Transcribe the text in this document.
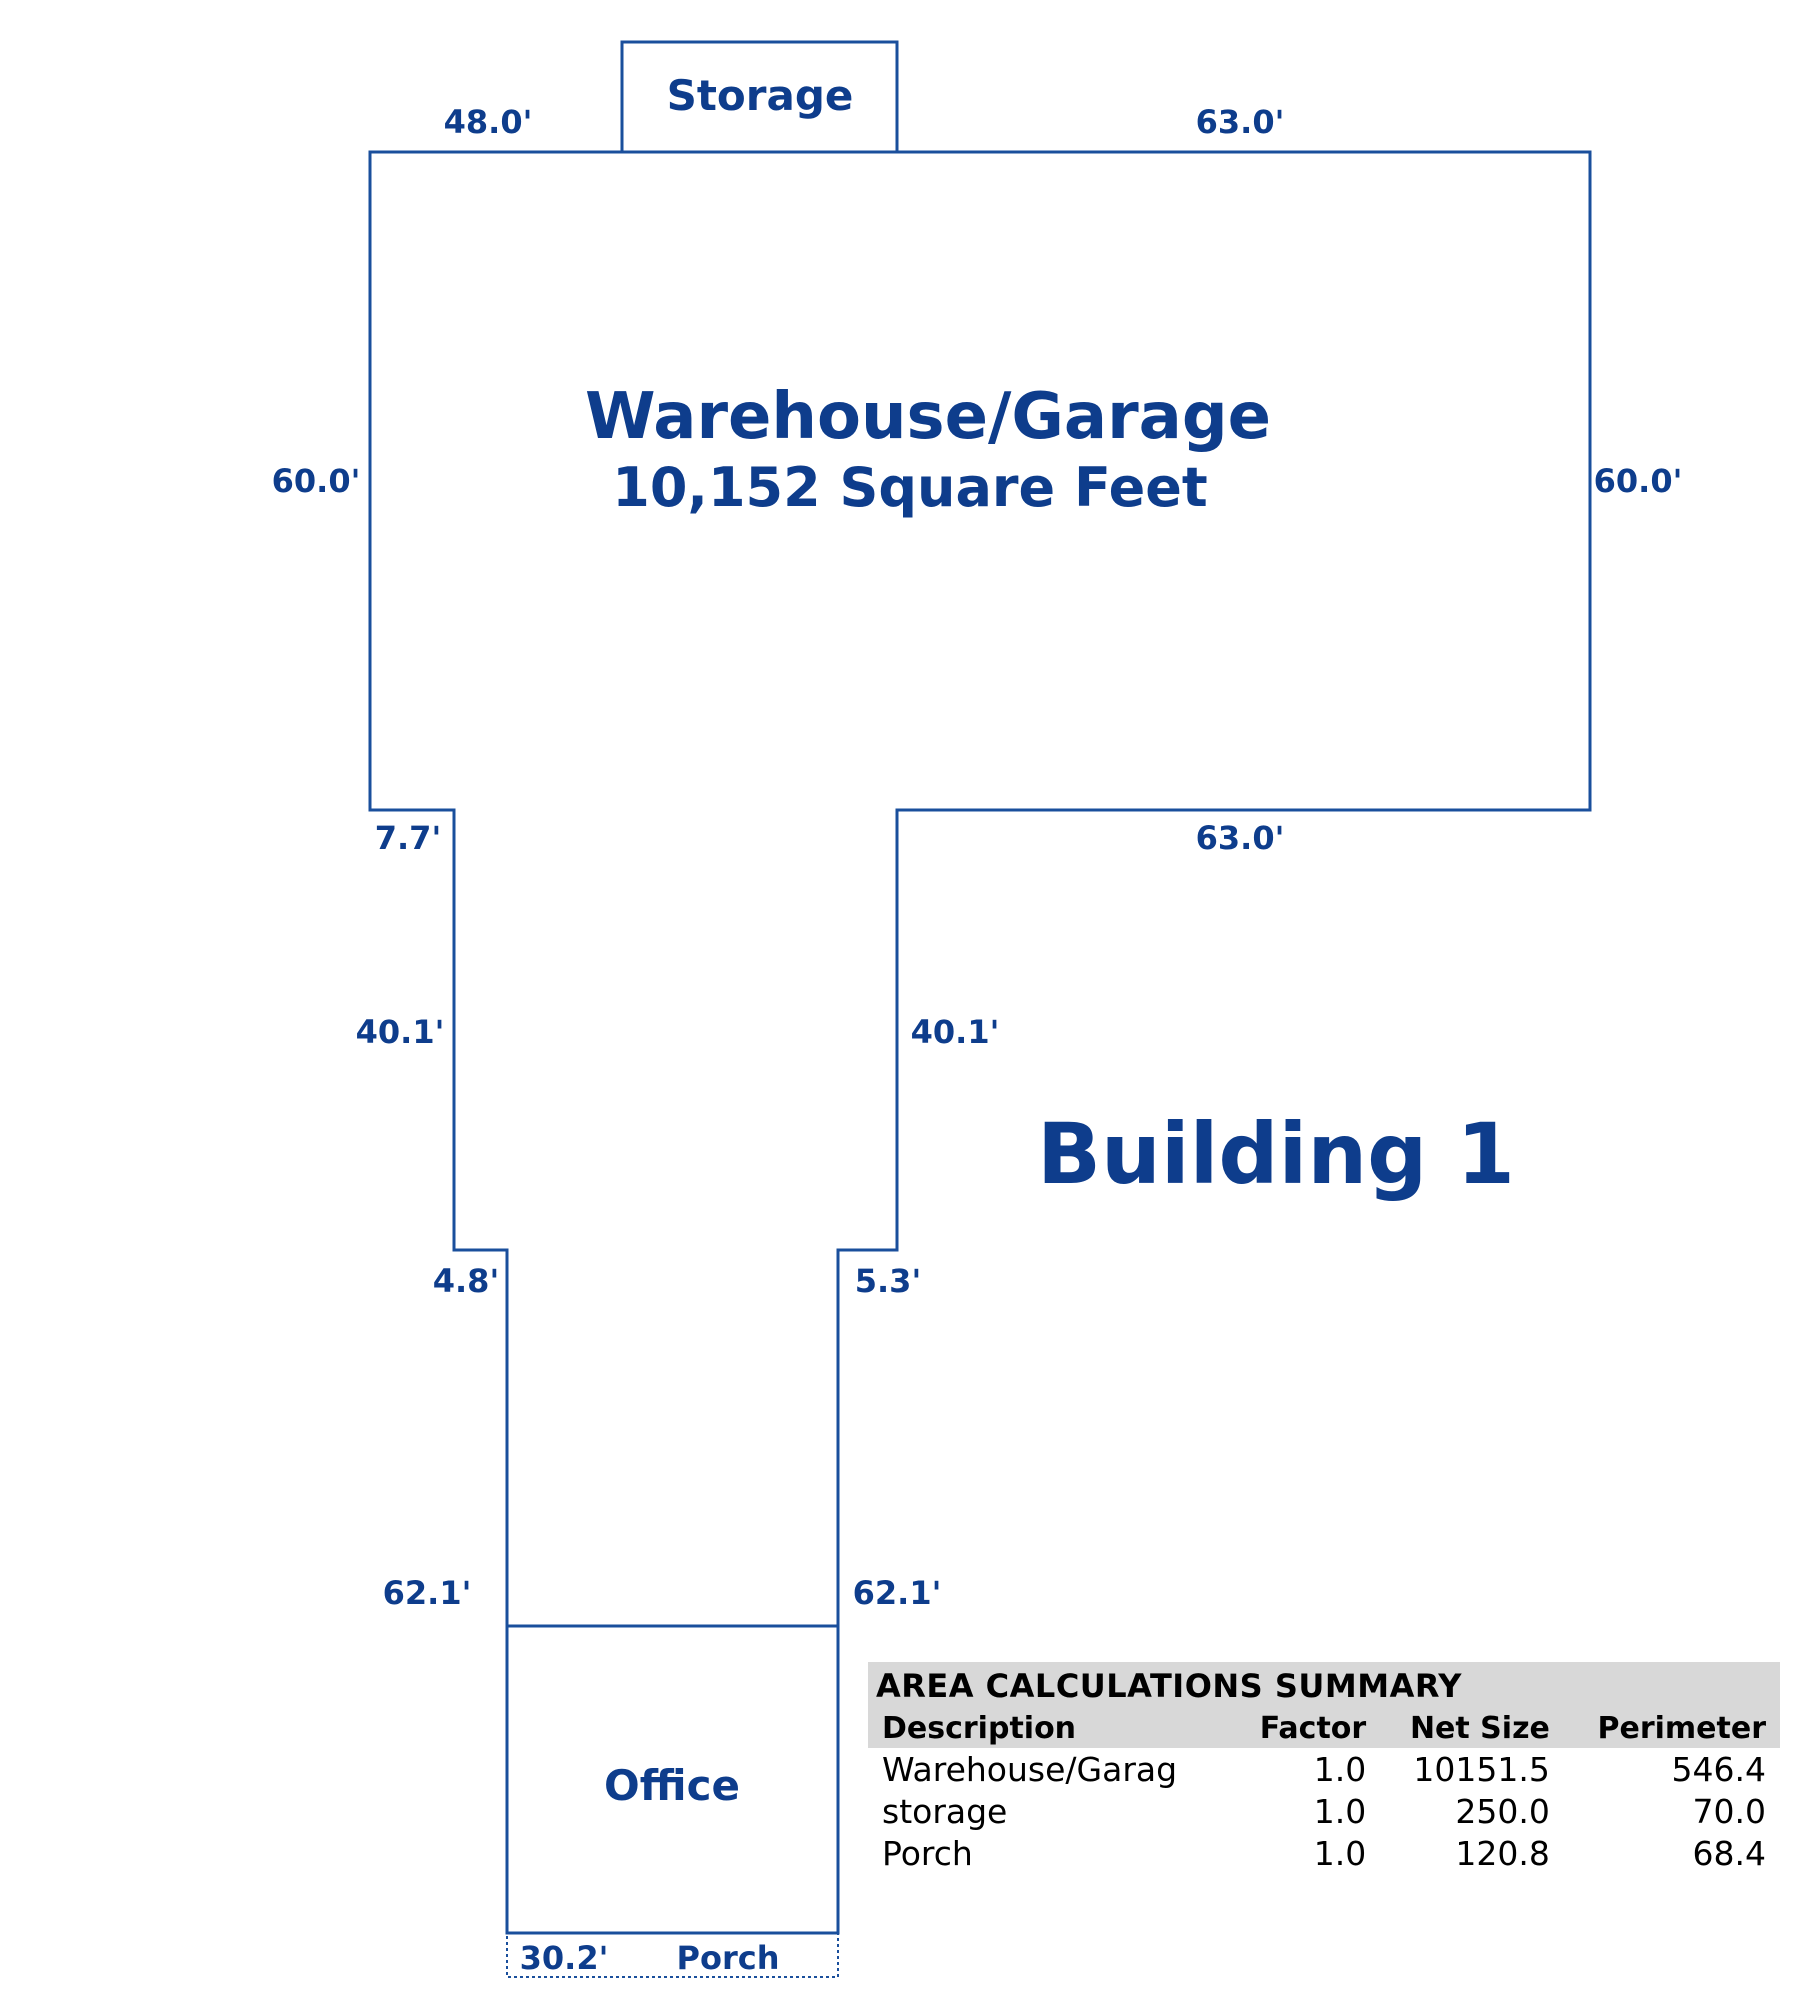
Storage
Warehouse/Garage
10,152 Square Feet
Office
Porch
Building 1
48.0'	63.0'
60.0'	60.0'
7.7'	63.0'
40.1'	40.1'
4.8'	5.3'
62.1'	62.1'
30.2'
AREA CALCULATIONS SUMMARY
Description	Factor	Net Size	Perimeter
Warehouse/Garag	1.0	10151.5	546.4
storage	1.0	250.0	70.0
Porch	1.0	120.8	68.4
